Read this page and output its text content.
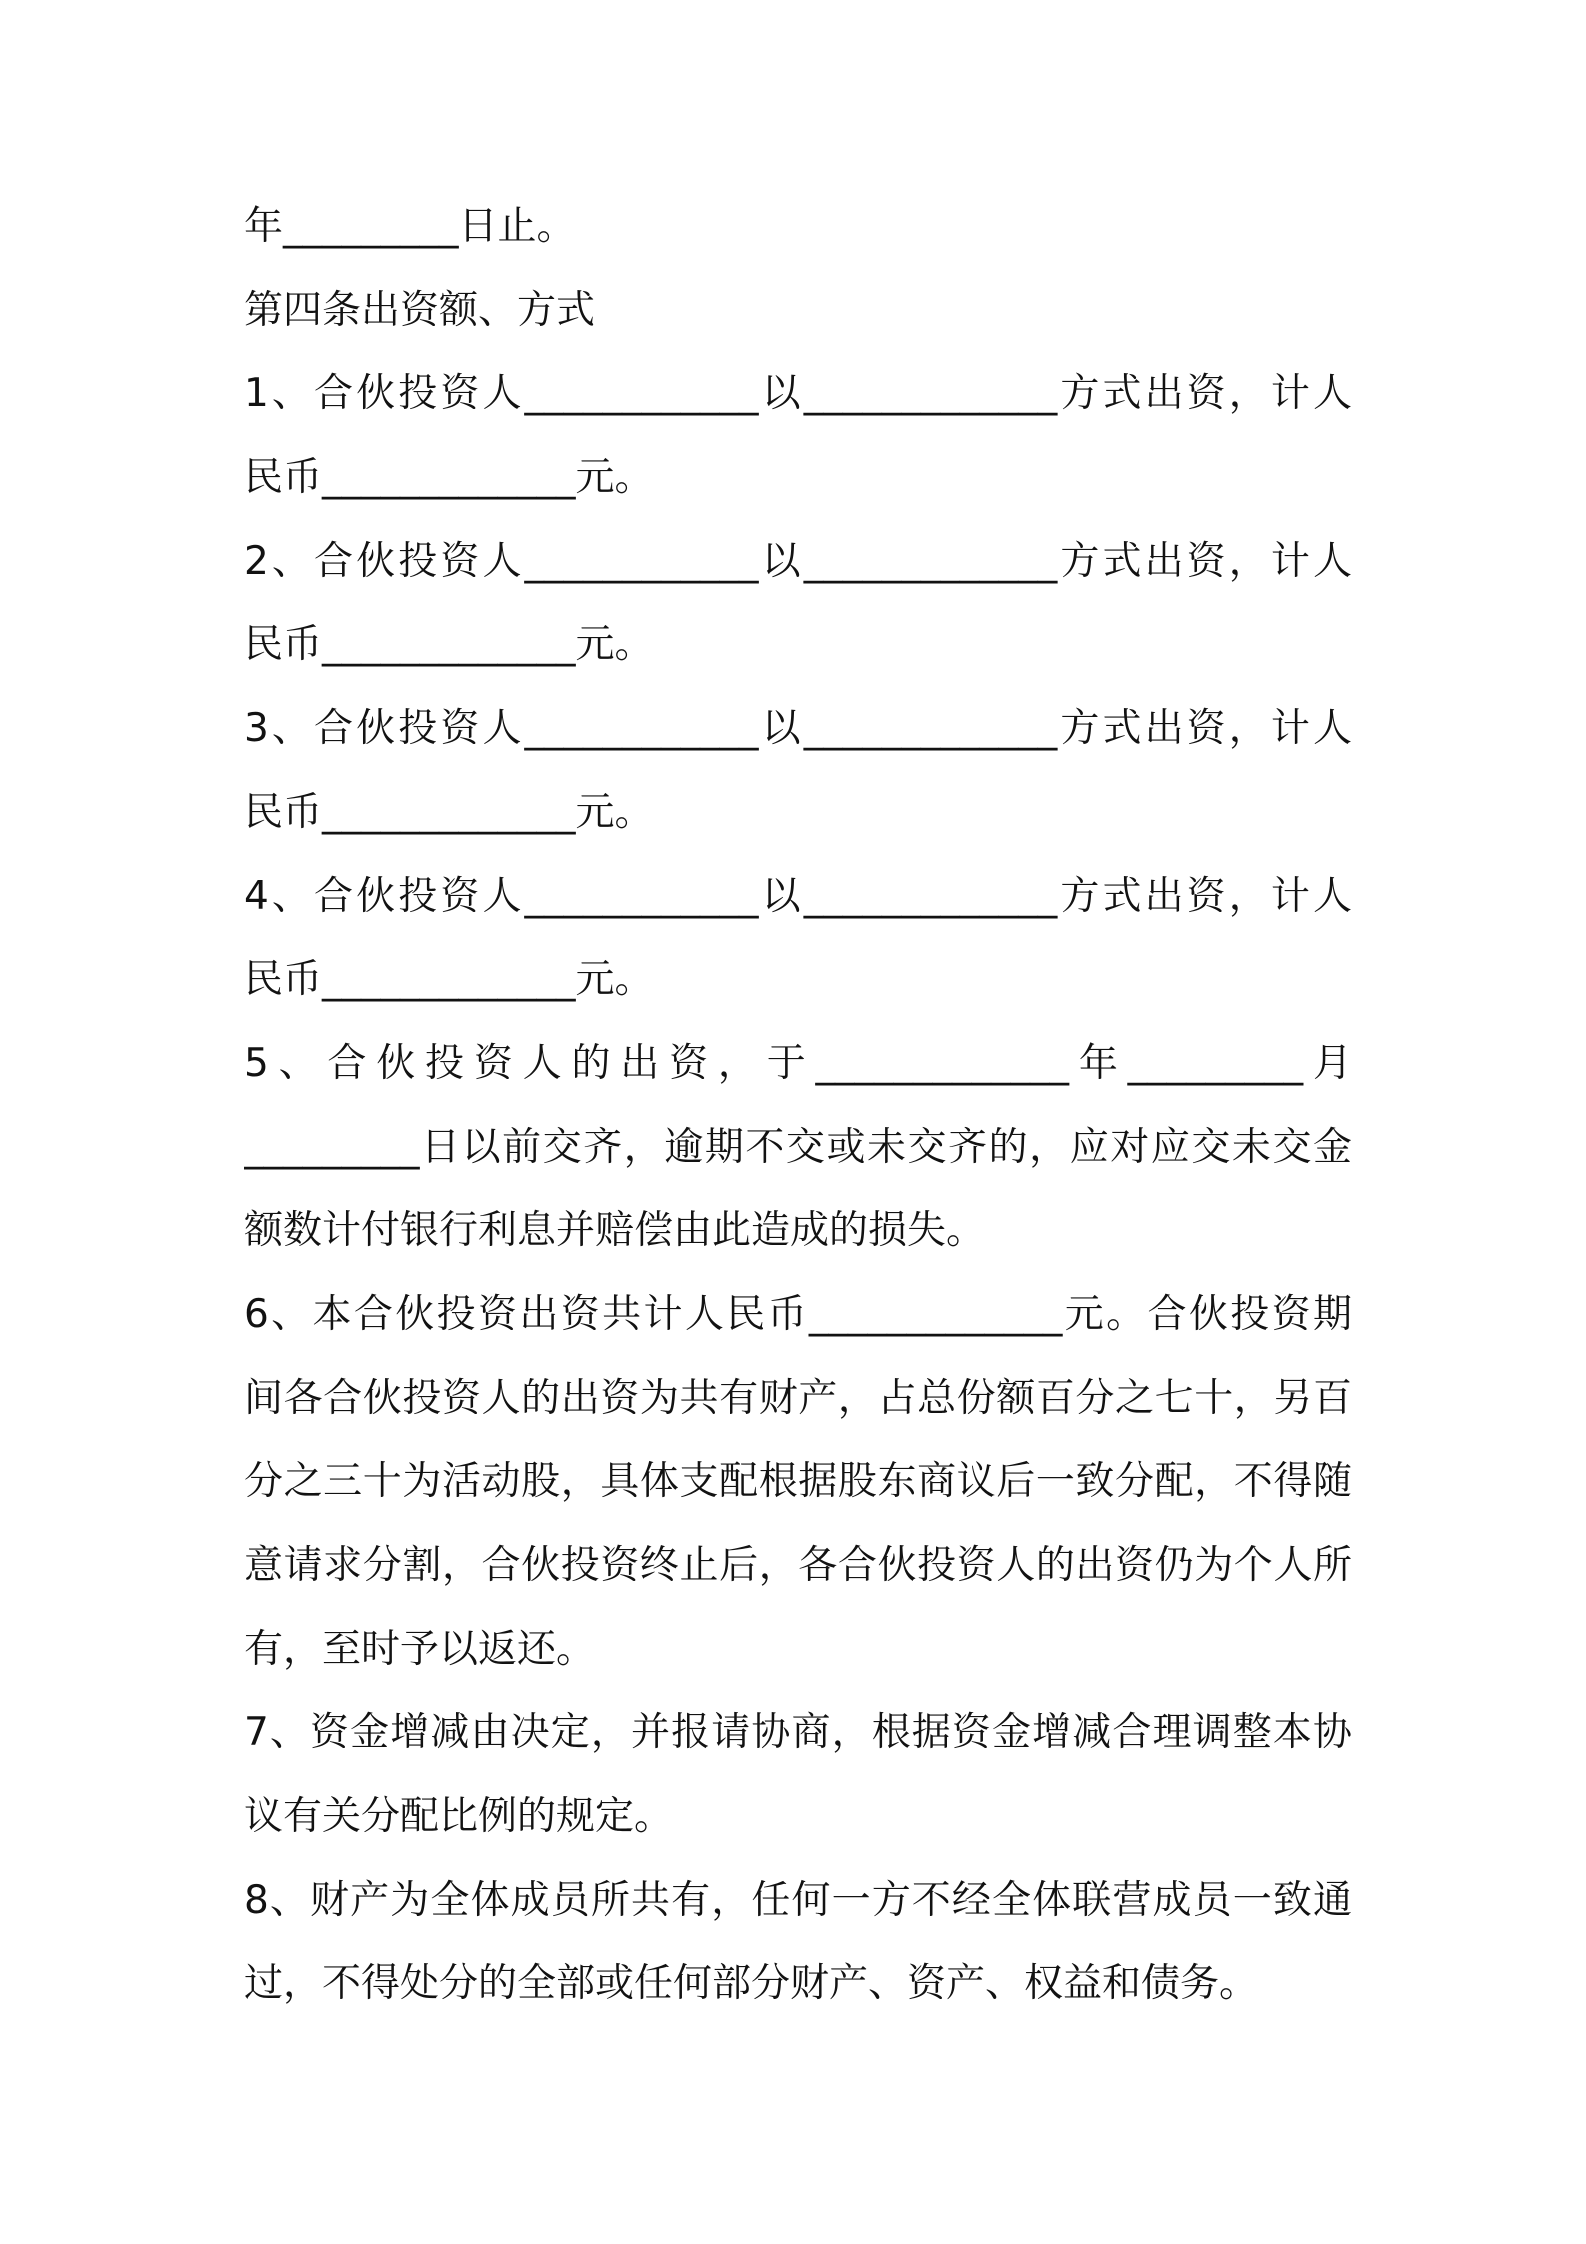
年_________日止。
第四条出资额、方式
1、合伙投资人____________以_____________方式出资，计人
民币_____________元。
2、合伙投资人____________以_____________方式出资，计人
民币_____________元。
3、合伙投资人____________以_____________方式出资，计人
民币_____________元。
4、合伙投资人____________以_____________方式出资，计人
民币_____________元。
5、合伙投资人的出资，于_____________年_________月
_________日以前交齐，逾期不交或未交齐的，应对应交未交金
额数计付银行利息并赔偿由此造成的损失。
6、本合伙投资出资共计人民币_____________元。合伙投资期
间各合伙投资人的出资为共有财产，占总份额百分之七十，另百
分之三十为活动股，具体支配根据股东商议后一致分配，不得随
意请求分割，合伙投资终止后，各合伙投资人的出资仍为个人所
有，至时予以返还。
7、资金增减由决定，并报请协商，根据资金增减合理调整本协
议有关分配比例的规定。
8、财产为全体成员所共有，任何一方不经全体联营成员一致通
过，不得处分的全部或任何部分财产、资产、权益和债务。
